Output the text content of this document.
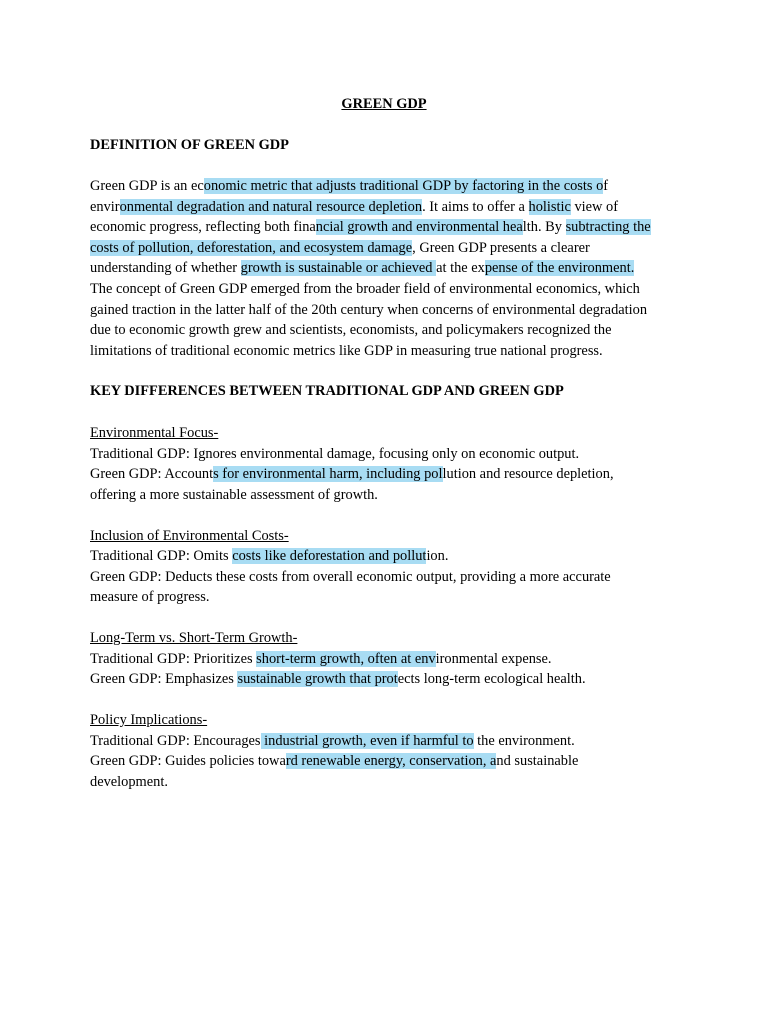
GREEN GDP
DEFINITION OF GREEN GDP
Green GDP is an economic metric that adjusts traditional GDP by factoring in the costs of
environmental degradation and natural resource depletion. It aims to offer a holistic view of
economic progress, reflecting both financial growth and environmental health. By subtracting the
costs of pollution, deforestation, and ecosystem damage, Green GDP presents a clearer
understanding of whether growth is sustainable or achieved at the expense of the environment.
The concept of Green GDP emerged from the broader field of environmental economics, which
gained traction in the latter half of the 20th century when concerns of environmental degradation
due to economic growth grew and scientists, economists, and policymakers recognized the
limitations of traditional economic metrics like GDP in measuring true national progress.
KEY DIFFERENCES BETWEEN TRADITIONAL GDP AND GREEN GDP
Environmental Focus-
Traditional GDP: Ignores environmental damage, focusing only on economic output.
Green GDP: Accounts for environmental harm, including pollution and resource depletion,
offering a more sustainable assessment of growth.
Inclusion of Environmental Costs-
Traditional GDP: Omits costs like deforestation and pollution.
Green GDP: Deducts these costs from overall economic output, providing a more accurate
measure of progress.
Long-Term vs. Short-Term Growth-
Traditional GDP: Prioritizes short-term growth, often at environmental expense.
Green GDP: Emphasizes sustainable growth that protects long-term ecological health.
Policy Implications-
Traditional GDP: Encourages industrial growth, even if harmful to the environment.
Green GDP: Guides policies toward renewable energy, conservation, and sustainable
development.
